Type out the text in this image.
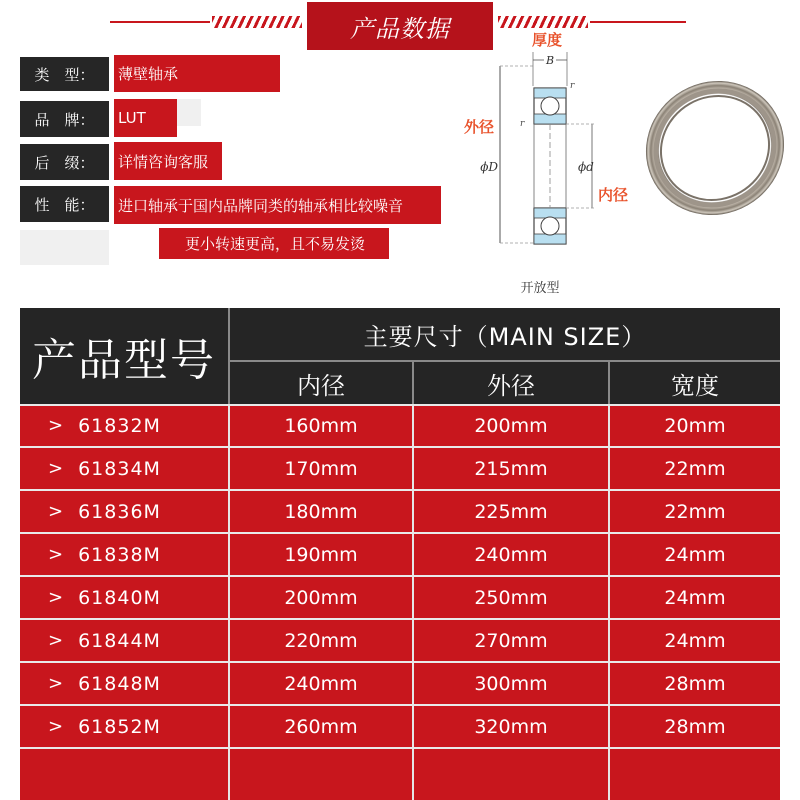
产品数据
类　型：	薄壁轴承
品　牌：	LUT
后　缀：	详情咨询客服
性　能：	进口轴承于国内品牌同类的轴承相比较噪音
更小转速更高，且不易发烫
B
r
r
ϕD	ϕd
厚度
外径
内径
开放型
产品型号	主要尺寸（MAIN SIZE）
内径	外径	宽度
> 61832M	160mm	200mm	20mm
> 61834M	170mm	215mm	22mm
> 61836M	180mm	225mm	22mm
> 61838M	190mm	240mm	24mm
> 61840M	200mm	250mm	24mm
> 61844M	220mm	270mm	24mm
> 61848M	240mm	300mm	28mm
> 61852M	260mm	320mm	28mm
